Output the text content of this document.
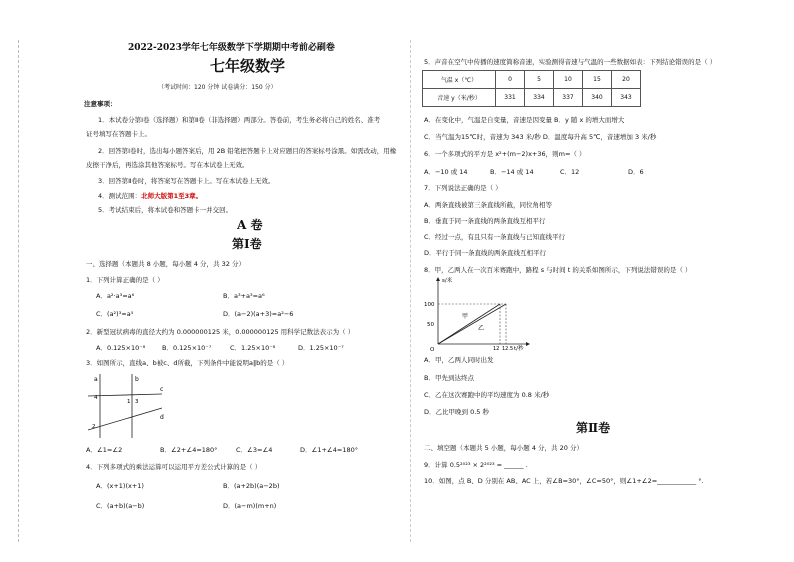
2022-2023学年七年级数学下学期期中考前必刷卷
七年级数学
（考试时间：120 分钟 试卷满分：150 分）
注意事项：
1．本试卷分第Ⅰ卷（选择题）和第Ⅱ卷（非选择题）两部分。答卷前，考生务必将自己的姓名、准考
证号填写在答题卡上。
2．回答第Ⅰ卷时，选出每小题答案后，用 2B 铅笔把答题卡上对应题目的答案标号涂黑。如需改动，用橡
皮擦干净后，再选涂其他答案标号。写在本试卷上无效。
3．回答第Ⅱ卷时，将答案写在答题卡上。写在本试卷上无效。
4．测试范围：北师大版第1至3章。
5．考试结束后，将本试卷和答题卡一并交回。
A 卷
第Ⅰ卷
一、选择题（本题共 8 小题，每小题 4 分，共 32 分）
1．下列计算正确的是（ ）
A．a²·a³=a⁶	B．a³+a³=a⁶
C．(a²)³=a⁵	D．(a−2)(a+3)=a²−6
2．新型冠状病毒的直径大约为 0.000000125 米，0.000000125 用科学记数法表示为（ ）
A．0.125×10⁻⁸	B．0.125×10⁻⁷	C．1.25×10⁻⁸	D．1.25×10⁻⁷
3．如图所示，直线a、b被c、d所截，下列条件中能说明a∥b的是（ ）
a	b
c
d
1
2
3
4
A．∠1=∠2	B．∠2+∠4=180°	C．∠3=∠4	D．∠1+∠4=180°
4．下列多项式的乘法运算可以运用平方差公式计算的是（ ）
A．(x+1)(x+1)	B．(a+2b)(a−2b)
C．(a+b)(a−b)	D．(a−m)(m+n)
5．声音在空气中传播的速度简称音速，实验测得音速与气温的一些数据如表：下列结论错误的是（ ）
气温 x（℃）	0	5	10	15	20
音速 y（米/秒）	331	334	337	340	343
A．在变化中，气温是自变量，音速是因变量 B．y 随 x 的增大而增大
C．当气温为15℃时，音速为 343 米/秒 D．温度每升高 5℃，音速增加 3 米/秒
6．一个多项式的平方是 x²+(m−2)x+36，则m=（ ）
A．−10 或 14	B．−14 或 14	C．12	D．6
7．下列说法正确的是（ ）
A．两条直线被第三条直线所截，同位角相等
B．垂直于同一条直线的两条直线互相平行
C．经过一点，有且只有一条直线与已知直线平行
D．平行于同一条直线的两条直线互相平行
8．甲，乙两人在一次百米赛跑中，路程 s 与时间 t 的关系如图所示，下列说法错误的是（ ）
s/米
t/秒
O
100
50
12 12.5
甲
乙
A．甲，乙两人同时出发
B．甲先到达终点
C．乙在这次赛跑中的平均速度为 0.8 米/秒
D．乙比甲晚到 0.5 秒
第Ⅱ卷
二、填空题（本题共 5 小题，每小题 4 分，共 20 分）
9．计算 0.5²⁰²³ × 2²⁰²³ = ______ .
10．如图，点 B、D 分别在 AB、AC 上，若∠B=30°，∠C=50°，则∠1+∠2=____________ °.
